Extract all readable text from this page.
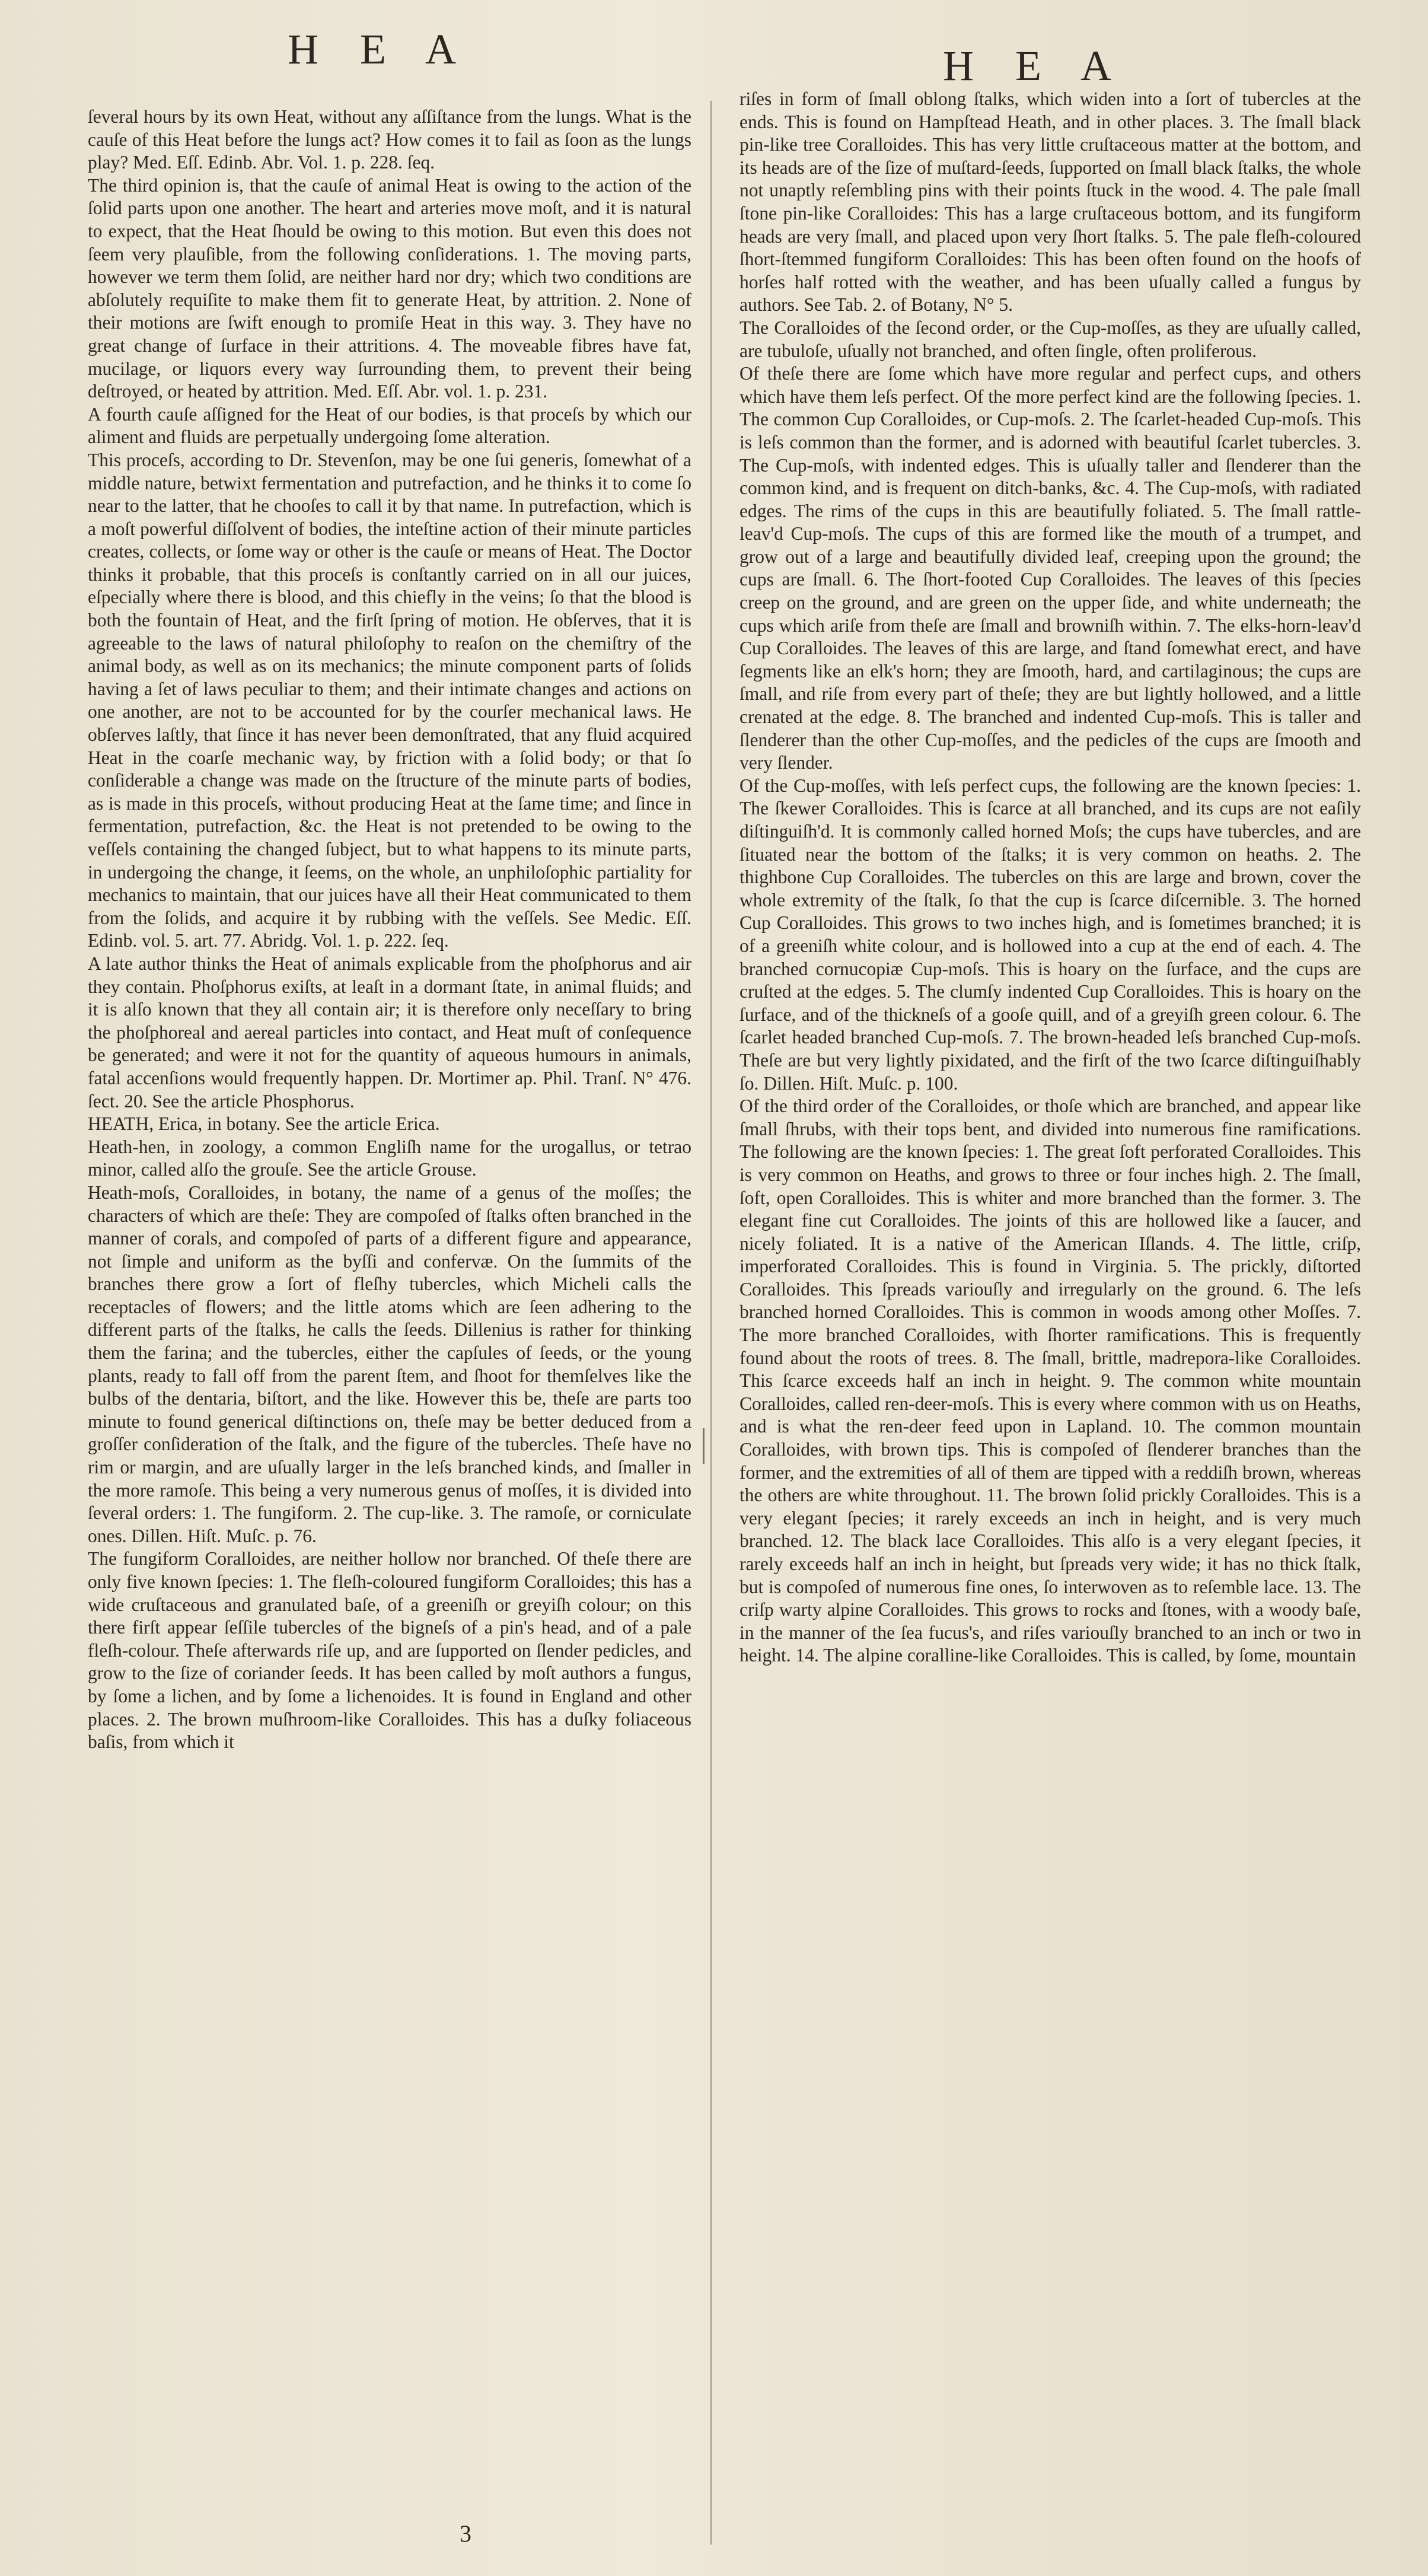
H E A	H E A

ſeveral hours by its own Heat, without any aſſiſtance from the lungs. What is the cauſe of this Heat before the lungs act? How comes it to fail as ſoon as the lungs play? Med. Eſſ. Edinb. Abr. Vol. 1. p. 228. ſeq.

The third opinion is, that the cauſe of animal Heat is owing to the action of the ſolid parts upon one another. The heart and arteries move moſt, and it is natural to expect, that the Heat ſhould be owing to this motion. But even this does not ſeem very plauſible, from the following conſiderations. 1. The moving parts, however we term them ſolid, are neither hard nor dry; which two conditions are abſolutely requiſite to make them fit to generate Heat, by attrition. 2. None of their motions are ſwift enough to promiſe Heat in this way. 3. They have no great change of ſurface in their attritions. 4. The moveable fibres have fat, mucilage, or liquors every way ſurrounding them, to prevent their being deſtroyed, or heated by attrition. Med. Eſſ. Abr. vol. 1. p. 231.

A fourth cauſe aſſigned for the Heat of our bodies, is that proceſs by which our aliment and fluids are perpetually undergoing ſome alteration.

This proceſs, according to Dr. Stevenſon, may be one ſui generis, ſomewhat of a middle nature, betwixt fermentation and putrefaction, and he thinks it to come ſo near to the latter, that he chooſes to call it by that name. In putrefaction, which is a moſt powerful diſſolvent of bodies, the inteſtine action of their minute particles creates, collects, or ſome way or other is the cauſe or means of Heat. The Doctor thinks it probable, that this proceſs is conſtantly carried on in all our juices, eſpecially where there is blood, and this chiefly in the veins; ſo that the blood is both the fountain of Heat, and the firſt ſpring of motion. He obſerves, that it is agreeable to the laws of natural philoſophy to reaſon on the chemiſtry of the animal body, as well as on its mechanics; the minute component parts of ſolids having a ſet of laws peculiar to them; and their intimate changes and actions on one another, are not to be accounted for by the courſer mechanical laws. He obſerves laſtly, that ſince it has never been demonſtrated, that any fluid acquired Heat in the coarſe mechanic way, by friction with a ſolid body; or that ſo conſiderable a change was made on the ſtructure of the minute parts of bodies, as is made in this proceſs, without producing Heat at the ſame time; and ſince in fermentation, putrefaction, &c. the Heat is not pretended to be owing to the veſſels containing the changed ſubject, but to what happens to its minute parts, in undergoing the change, it ſeems, on the whole, an unphiloſophic partiality for mechanics to maintain, that our juices have all their Heat communicated to them from the ſolids, and acquire it by rubbing with the veſſels. See Medic. Eſſ. Edinb. vol. 5. art. 77. Abridg. Vol. 1. p. 222. ſeq.

A late author thinks the Heat of animals explicable from the phoſphorus and air they contain. Phoſphorus exiſts, at leaſt in a dormant ſtate, in animal fluids; and it is alſo known that they all contain air; it is therefore only neceſſary to bring the phoſphoreal and aereal particles into contact, and Heat muſt of conſequence be generated; and were it not for the quantity of aqueous humours in animals, fatal accenſions would frequently happen. Dr. Mortimer ap. Phil. Tranſ. N° 476. ſect. 20. See the article Phosphorus.

HEATH, Erica, in botany. See the article Erica.

Heath-hen, in zoology, a common Engliſh name for the urogallus, or tetrao minor, called alſo the grouſe. See the article Grouse.

Heath-moſs, Coralloides, in botany, the name of a genus of the moſſes; the characters of which are theſe: They are compoſed of ſtalks often branched in the manner of corals, and compoſed of parts of a different figure and appearance, not ſimple and uniform as the byſſi and confervæ. On the ſummits of the branches there grow a ſort of fleſhy tubercles, which Micheli calls the receptacles of flowers; and the little atoms which are ſeen adhering to the different parts of the ſtalks, he calls the ſeeds. Dillenius is rather for thinking them the farina; and the tubercles, either the capſules of ſeeds, or the young plants, ready to fall off from the parent ſtem, and ſhoot for themſelves like the bulbs of the dentaria, biſtort, and the like. However this be, theſe are parts too minute to found generical diſtinctions on, theſe may be better deduced from a groſſer conſideration of the ſtalk, and the figure of the tubercles. Theſe have no rim or margin, and are uſually larger in the leſs branched kinds, and ſmaller in the more ramoſe. This being a very numerous genus of moſſes, it is divided into ſeveral orders: 1. The fungiform. 2. The cup-like. 3. The ramoſe, or corniculate ones. Dillen. Hiſt. Muſc. p. 76.

The fungiform Coralloides, are neither hollow nor branched. Of theſe there are only five known ſpecies: 1. The fleſh-coloured fungiform Coralloides; this has a wide cruſtaceous and granulated baſe, of a greeniſh or greyiſh colour; on this there firſt appear ſeſſile tubercles of the bigneſs of a pin's head, and of a pale fleſh-colour. Theſe afterwards riſe up, and are ſupported on ſlender pedicles, and grow to the ſize of coriander ſeeds. It has been called by moſt authors a fungus, by ſome a lichen, and by ſome a lichenoides. It is found in England and other places. 2. The brown muſhroom-like Coralloides. This has a duſky foliaceous baſis, from which it

riſes in form of ſmall oblong ſtalks, which widen into a ſort of tubercles at the ends. This is found on Hampſtead Heath, and in other places. 3. The ſmall black pin-like tree Coralloides. This has very little cruſtaceous matter at the bottom, and its heads are of the ſize of muſtard-ſeeds, ſupported on ſmall black ſtalks, the whole not unaptly reſembling pins with their points ſtuck in the wood. 4. The pale ſmall ſtone pin-like Coralloides: This has a large cruſtaceous bottom, and its fungiform heads are very ſmall, and placed upon very ſhort ſtalks. 5. The pale fleſh-coloured ſhort-ſtemmed fungiform Coralloides: This has been often found on the hoofs of horſes half rotted with the weather, and has been uſually called a fungus by authors. See Tab. 2. of Botany, N° 5.

The Coralloides of the ſecond order, or the Cup-moſſes, as they are uſually called, are tubuloſe, uſually not branched, and often ſingle, often proliferous.

Of theſe there are ſome which have more regular and perfect cups, and others which have them leſs perfect. Of the more perfect kind are the following ſpecies. 1. The common Cup Coralloides, or Cup-moſs. 2. The ſcarlet-headed Cup-moſs. This is leſs common than the former, and is adorned with beautiful ſcarlet tubercles. 3. The Cup-moſs, with indented edges. This is uſually taller and ſlenderer than the common kind, and is frequent on ditch-banks, &c. 4. The Cup-moſs, with radiated edges. The rims of the cups in this are beautifully foliated. 5. The ſmall rattle-leav'd Cup-moſs. The cups of this are formed like the mouth of a trumpet, and grow out of a large and beautifully divided leaf, creeping upon the ground; the cups are ſmall. 6. The ſhort-footed Cup Coralloides. The leaves of this ſpecies creep on the ground, and are green on the upper ſide, and white underneath; the cups which ariſe from theſe are ſmall and browniſh within. 7. The elks-horn-leav'd Cup Coralloides. The leaves of this are large, and ſtand ſomewhat erect, and have ſegments like an elk's horn; they are ſmooth, hard, and cartilaginous; the cups are ſmall, and riſe from every part of theſe; they are but lightly hollowed, and a little crenated at the edge. 8. The branched and indented Cup-moſs. This is taller and ſlenderer than the other Cup-moſſes, and the pedicles of the cups are ſmooth and very ſlender.

Of the Cup-moſſes, with leſs perfect cups, the following are the known ſpecies: 1. The ſkewer Coralloides. This is ſcarce at all branched, and its cups are not eaſily diſtinguiſh'd. It is commonly called horned Moſs; the cups have tubercles, and are ſituated near the bottom of the ſtalks; it is very common on heaths. 2. The thighbone Cup Coralloides. The tubercles on this are large and brown, cover the whole extremity of the ſtalk, ſo that the cup is ſcarce diſcernible. 3. The horned Cup Coralloides. This grows to two inches high, and is ſometimes branched; it is of a greeniſh white colour, and is hollowed into a cup at the end of each. 4. The branched cornucopiæ Cup-moſs. This is hoary on the ſurface, and the cups are cruſted at the edges. 5. The clumſy indented Cup Coralloides. This is hoary on the ſurface, and of the thickneſs of a gooſe quill, and of a greyiſh green colour. 6. The ſcarlet headed branched Cup-moſs. 7. The brown-headed leſs branched Cup-moſs. Theſe are but very lightly pixidated, and the firſt of the two ſcarce diſtinguiſhably ſo. Dillen. Hiſt. Muſc. p. 100.

Of the third order of the Coralloides, or thoſe which are branched, and appear like ſmall ſhrubs, with their tops bent, and divided into numerous fine ramifications. The following are the known ſpecies: 1. The great ſoft perforated Coralloides. This is very common on Heaths, and grows to three or four inches high. 2. The ſmall, ſoft, open Coralloides. This is whiter and more branched than the former. 3. The elegant fine cut Coralloides. The joints of this are hollowed like a ſaucer, and nicely foliated. It is a native of the American Iſlands. 4. The little, criſp, imperforated Coralloides. This is found in Virginia. 5. The prickly, diſtorted Coralloides. This ſpreads variouſly and irregularly on the ground. 6. The leſs branched horned Coralloides. This is common in woods among other Moſſes. 7. The more branched Coralloides, with ſhorter ramifications. This is frequently found about the roots of trees. 8. The ſmall, brittle, madrepora-like Coralloides. This ſcarce exceeds half an inch in height. 9. The common white mountain Coralloides, called ren-deer-moſs. This is every where common with us on Heaths, and is what the ren-deer feed upon in Lapland. 10. The common mountain Coralloides, with brown tips. This is compoſed of ſlenderer branches than the former, and the extremities of all of them are tipped with a reddiſh brown, whereas the others are white throughout. 11. The brown ſolid prickly Coralloides. This is a very elegant ſpecies; it rarely exceeds an inch in height, and is very much branched. 12. The black lace Coralloides. This alſo is a very elegant ſpecies, it rarely exceeds half an inch in height, but ſpreads very wide; it has no thick ſtalk, but is compoſed of numerous fine ones, ſo interwoven as to reſemble lace. 13. The criſp warty alpine Coralloides. This grows to rocks and ſtones, with a woody baſe, in the manner of the ſea fucus's, and riſes variouſly branched to an inch or two in height. 14. The alpine coralline-like Coralloides. This is called, by ſome, mountain

3
